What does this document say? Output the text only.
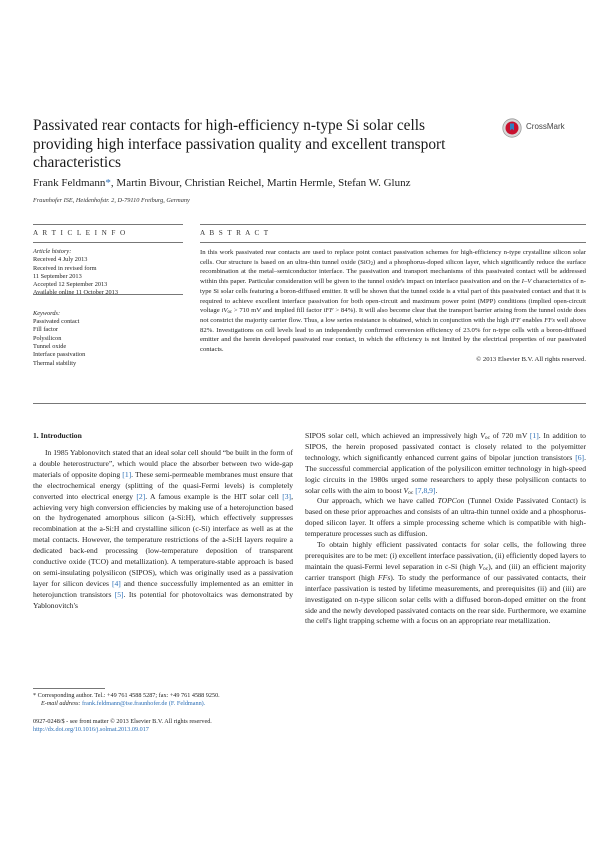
Passivated rear contacts for high-efficiency n-type Si solar cells providing high interface passivation quality and excellent transport characteristics
CrossMark
Frank Feldmann*, Martin Bivour, Christian Reichel, Martin Hermle, Stefan W. Glunz
Fraunhofer ISE, Heidenhofstr. 2, D-79110 Freiburg, Germany
A R T I C L E I N F O	A B S T R A C T
Article history:
Received 4 July 2013
Received in revised form
11 September 2013
Accepted 12 September 2013
Available online 11 October 2013
Keywords:
Passivated contact
Fill factor
Polysilicon
Tunnel oxide
Interface passivation
Thermal stability
In this work passivated rear contacts are used to replace point contact passivation schemes for high-efficiency n-type crystalline silicon solar cells. Our structure is based on an ultra-thin tunnel oxide (SiO$_2$) and a phosphorus-doped silicon layer, which significantly reduce the surface recombination at the metal–semiconductor interface. The passivation and transport mechanisms of this passivated contact will be addressed within this paper. Particular consideration will be given to the tunnel oxide's impact on interface passivation and on the I–V characteristics of n-type Si solar cells featuring a boron-diffused emitter. It will be shown that the tunnel oxide is a vital part of this passivated contact and that it is required to achieve excellent interface passivation for both open-circuit and maximum power point (MPP) conditions (implied open-circuit voltage $iV_{oc} > 710$ mV and implied fill factor iFF > 84%). It will also become clear that the transport barrier arising from the tunnel oxide does not constrict the majority carrier flow. Thus, a low series resistance is obtained, which in conjunction with the high iFF enables FFs well above 82%. Investigations on cell levels lead to an independently confirmed conversion efficiency of 23.0% for n-type cells with a boron-diffused emitter and the herein developed passivated rear contact, in which the efficiency is not limited by the electrical properties of our passivated contacts.
© 2013 Elsevier B.V. All rights reserved.
1. Introduction

In 1985 Yablonovitch stated that an ideal solar cell should “be built in the form of a double heterostructure”, which would place the absorber between two wide-gap materials of opposite doping [1]. These semi-permeable membranes must ensure that the electrochemical energy (splitting of the quasi-Fermi levels) is completely converted into electrical energy [2]. A famous example is the HIT solar cell [3], achieving very high conversion efficiencies by making use of a heterojunction based on the hydrogenated amorphous silicon (a-Si:H), which effectively suppresses recombination at the a-Si:H and crystalline silicon (c-Si) interface as well as at the metal contacts. However, the temperature restrictions of the a-Si:H layers require a dedicated back-end processing (low-temperature deposition of transparent conductive oxide (TCO) and metallization). A temperature-stable approach is based on semi-insulating polysilicon (SIPOS), which was originally used as a passivation layer for silicon devices [4] and thence successfully implemented as an emitter in heterojunction transistors [5]. Its potential for photovoltaics was demonstrated by Yablonovitch's

SIPOS solar cell, which achieved an impressively high $V_{oc}$ of 720 mV [1]. In addition to SIPOS, the herein proposed passivated contact is closely related to the polyemitter technology, which significantly enhanced current gains of bipolar junction transistors [6]. The successful commercial application of the polysilicon emitter technology in high-speed logic circuits in the 1980s urged some researchers to apply these polysilicon contacts to solar cells with the aim to boost $V_{oc}$ [7,8,9].

Our approach, which we have called TOPCon (Tunnel Oxide Passivated Contact) is based on these prior approaches and consists of an ultra-thin tunnel oxide and a phosphorus-doped silicon layer. It offers a simple processing scheme which is compatible with high-temperature processes such as diffusion.

To obtain highly efficient passivated contacts for solar cells, the following three prerequisites are to be met: (i) excellent interface passivation, (ii) efficiently doped layers to maintain the quasi-Fermi level separation in c-Si (high $V_{oc}$), and (iii) an efficient majority carrier transport (high FFs). To study the performance of our passivated contacts, their interface passivation is tested by lifetime measurements, and prerequisites (ii) and (iii) are investigated on n-type silicon solar cells with a diffused boron-doped emitter on the front side and the newly developed passivated contacts on the rear side. Furthermore, we examine the cell's light trapping scheme with a focus on an appropriate rear metallization.

* Corresponding author. Tel.: +49 761 4588 5287; fax: +49 761 4588 9250.
E-mail address: frank.feldmann@ise.fraunhofer.de (F. Feldmann).
0927-0248/$ - see front matter © 2013 Elsevier B.V. All rights reserved.
http://dx.doi.org/10.1016/j.solmat.2013.09.017
